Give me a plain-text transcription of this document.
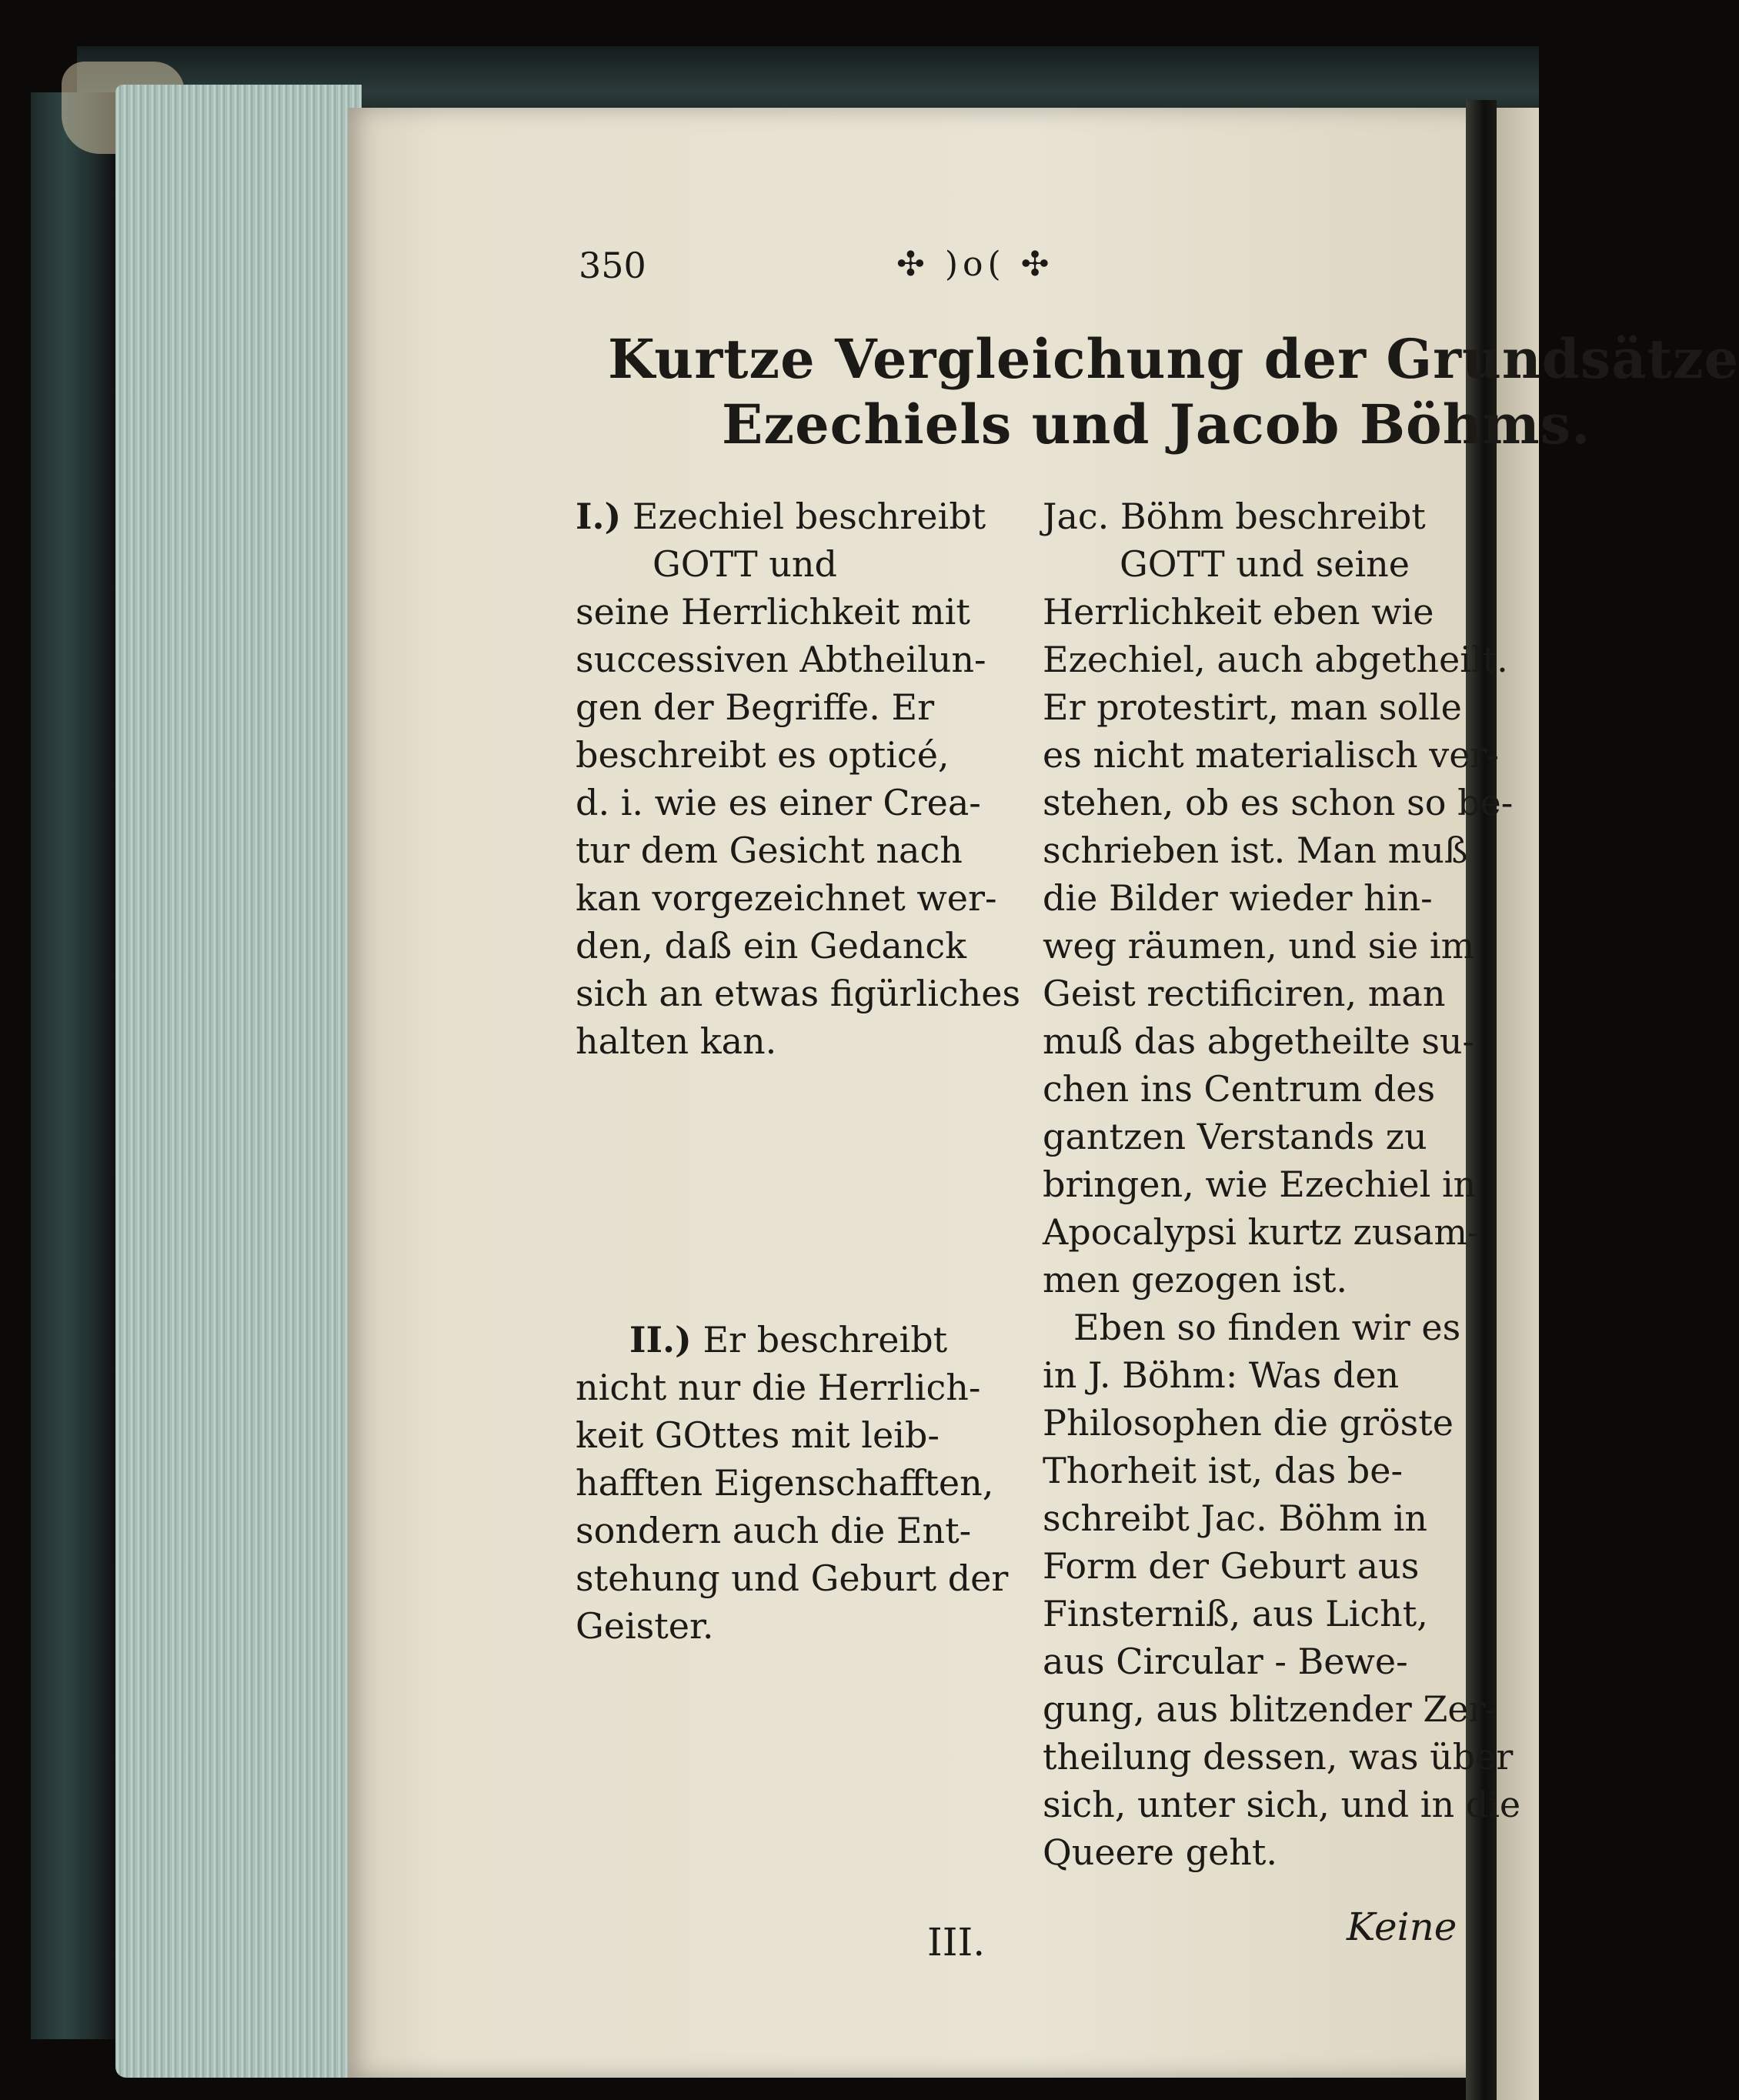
350	✣ )o( ✣
Kurtze Vergleichung der Grundsätze
Ezechiels und Jacob Böhms.
I.) Ezechiel beschreibt
GOTT und
seine Herrlichkeit mit
successiven Abtheilun-
gen der Begriffe. Er
beschreibt es opticé,
d. i. wie es einer Crea-
tur dem Gesicht nach
kan vorgezeichnet wer-
den, daß ein Gedanck
sich an etwas figürliches
halten kan.
II.) Er beschreibt
nicht nur die Herrlich-
keit GOttes mit leib-
hafften Eigenschafften,
sondern auch die Ent-
stehung und Geburt der
Geister.
Jac. Böhm beschreibt
GOTT und seine
Herrlichkeit eben wie
Ezechiel, auch abgetheilt.
Er protestirt, man solle
es nicht materialisch ver-
stehen, ob es schon so be-
schrieben ist. Man muß
die Bilder wieder hin-
weg räumen, und sie im
Geist rectificiren, man
muß das abgetheilte su-
chen ins Centrum des
gantzen Verstands zu
bringen, wie Ezechiel in
Apocalypsi kurtz zusam-
men gezogen ist.
Eben so finden wir es
in J. Böhm: Was den
Philosophen die gröste
Thorheit ist, das be-
schreibt Jac. Böhm in
Form der Geburt aus
Finsterniß, aus Licht,
aus Circular - Bewe-
gung, aus blitzender Zer-
theilung dessen, was über
sich, unter sich, und in die
Queere geht.
III.	Keine
